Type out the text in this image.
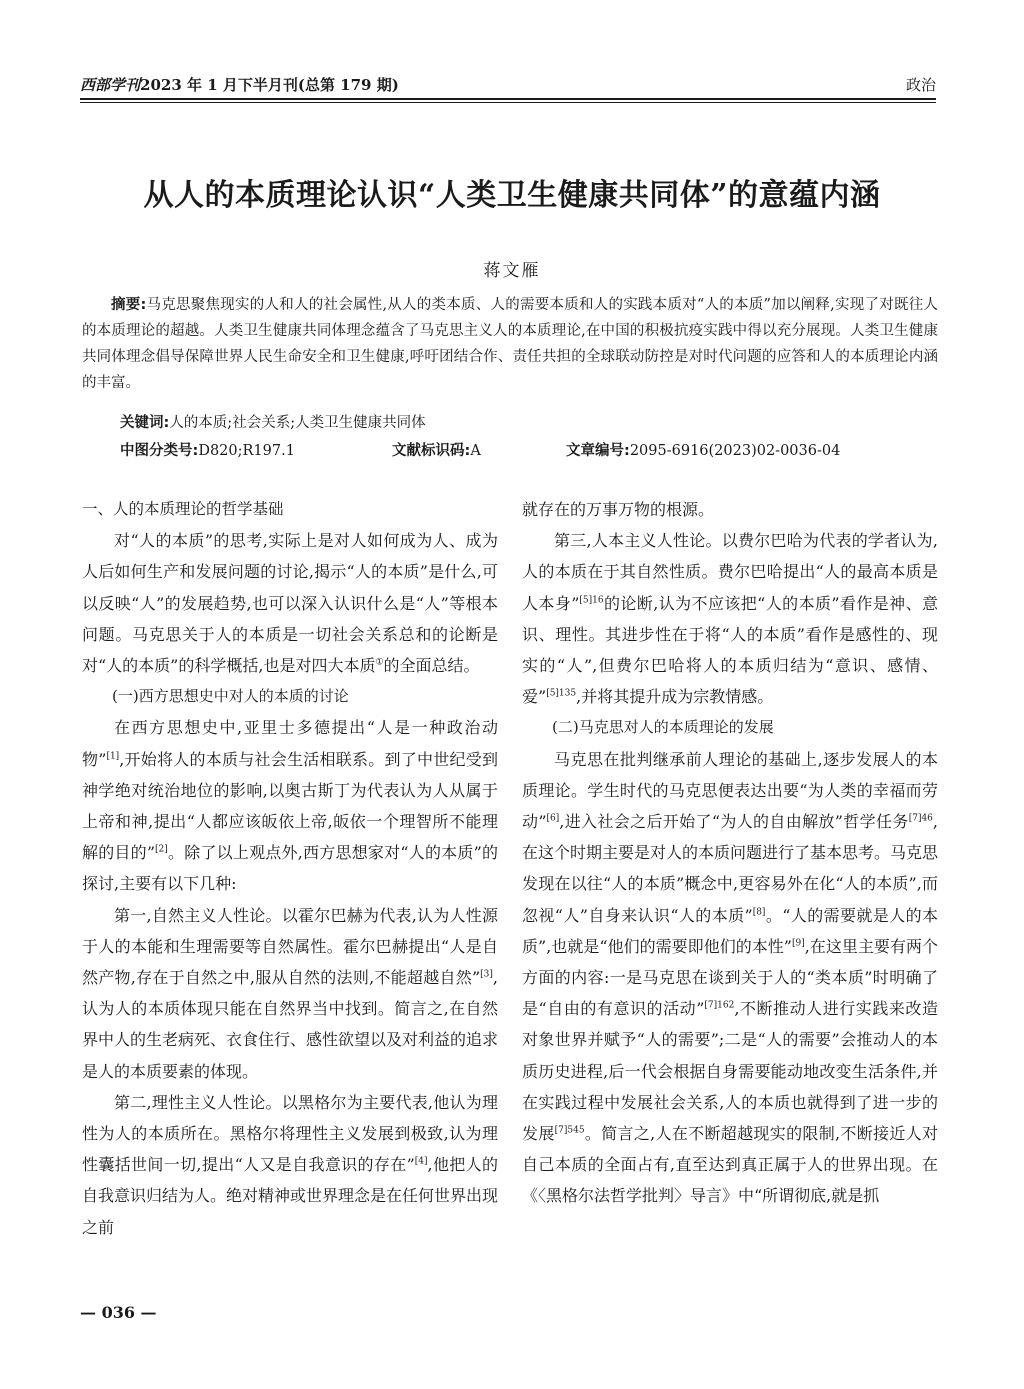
西部学刊2023 年 1 月下半月刊(总第 179 期)	政治
从人的本质理论认识“人类卫生健康共同体”的意蕴内涵
蒋文雁
摘要:马克思聚焦现实的人和人的社会属性,从人的类本质、人的需要本质和人的实践本质对“人的本质”加以阐释,实现了对既往人的本质理论的超越。人类卫生健康共同体理念蕴含了马克思主义人的本质理论,在中国的积极抗疫实践中得以充分展现。人类卫生健康共同体理念倡导保障世界人民生命安全和卫生健康,呼吁团结合作、责任共担的全球联动防控是对时代问题的应答和人的本质理论内涵的丰富。
关键词:人的本质;社会关系;人类卫生健康共同体
中图分类号:D820;R197.1	文献标识码:A	文章编号:2095-6916(2023)02-0036-04

一、人的本质理论的哲学基础

对“人的本质”的思考,实际上是对人如何成为人、成为人后如何生产和发展问题的讨论,揭示“人的本质”是什么,可以反映“人”的发展趋势,也可以深入认识什么是“人”等根本问题。马克思关于人的本质是一切社会关系总和的论断是对“人的本质”的科学概括,也是对四大本质①的全面总结。

(一)西方思想史中对人的本质的讨论

在西方思想史中,亚里士多德提出“人是一种政治动物”[1],开始将人的本质与社会生活相联系。到了中世纪受到神学绝对统治地位的影响,以奥古斯丁为代表认为人从属于上帝和神,提出“人都应该皈依上帝,皈依一个理智所不能理解的目的”[2]。除了以上观点外,西方思想家对“人的本质”的探讨,主要有以下几种:

第一,自然主义人性论。以霍尔巴赫为代表,认为人性源于人的本能和生理需要等自然属性。霍尔巴赫提出“人是自然产物,存在于自然之中,服从自然的法则,不能超越自然”[3],认为人的本质体现只能在自然界当中找到。简言之,在自然界中人的生老病死、衣食住行、感性欲望以及对利益的追求是人的本质要素的体现。

第二,理性主义人性论。以黑格尔为主要代表,他认为理性为人的本质所在。黑格尔将理性主义发展到极致,认为理性囊括世间一切,提出“人又是自我意识的存在”[4],他把人的自我意识归结为人。绝对精神或世界理念是在任何世界出现之前

就存在的万事万物的根源。

第三,人本主义人性论。以费尔巴哈为代表的学者认为,人的本质在于其自然性质。费尔巴哈提出“人的最高本质是人本身”$^{[5]16}$的论断,认为不应该把“人的本质”看作是神、意识、理性。其进步性在于将“人的本质”看作是感性的、现实的“人”,但费尔巴哈将人的本质归结为“意识、感情、爱”$^{[5]135}$,并将其提升成为宗教情感。

(二)马克思对人的本质理论的发展

马克思在批判继承前人理论的基础上,逐步发展人的本质理论。学生时代的马克思便表达出要“为人类的幸福而劳动”[6],进入社会之后开始了“为人的自由解放”哲学任务$^{[7]46}$,在这个时期主要是对人的本质问题进行了基本思考。马克思发现在以往“人的本质”概念中,更容易外在化“人的本质”,而忽视“人”自身来认识“人的本质”[8]。“人的需要就是人的本质”,也就是“他们的需要即他们的本性”[9],在这里主要有两个方面的内容:一是马克思在谈到关于人的“类本质”时明确了是“自由的有意识的活动”$^{[7]162}$,不断推动人进行实践来改造对象世界并赋予“人的需要”;二是“人的需要”会推动人的本质历史进程,后一代会根据自身需要能动地改变生活条件,并在实践过程中发展社会关系,人的本质也就得到了进一步的发展$^{[7]545}$。简言之,人在不断超越现实的限制,不断接近人对自己本质的全面占有,直至达到真正属于人的世界出现。在《〈黑格尔法哲学批判〉导言》中“所谓彻底,就是抓

— 036 —
